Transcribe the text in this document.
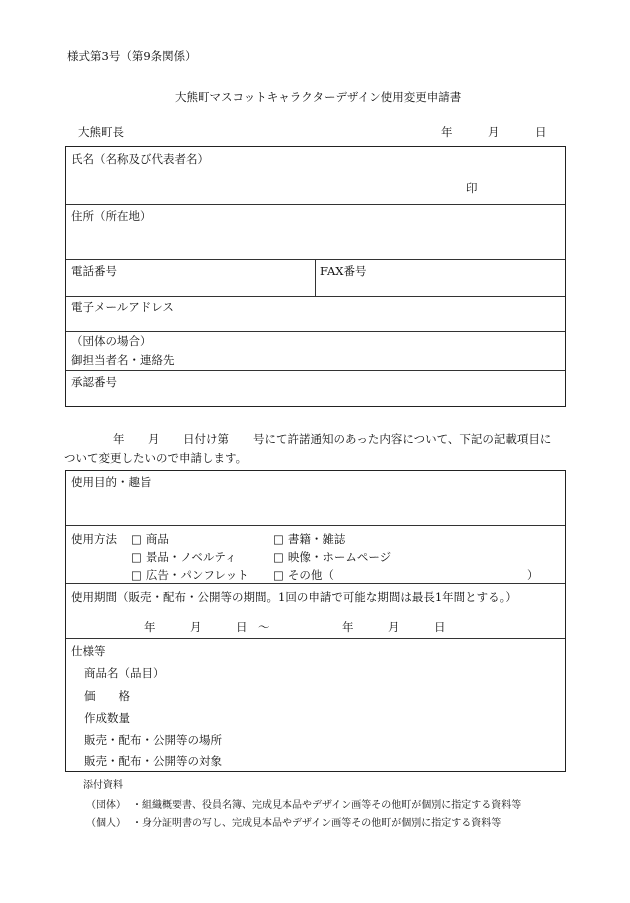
様式第3号（第9条関係）
大熊町マスコットキャラクターデザイン使用変更申請書
大熊町長	年	月	日
氏名（名称及び代表者名）
印
住所（所在地）
電話番号	FAX番号
電子メールアドレス
（団体の場合）
御担当者名・連絡先
承認番号
年 月 日付け第 号にて許諾通知のあった内容について、下記の記載項目に
ついて変更したいので申請します。
使用目的・趣旨
使用方法	□ 商品	□ 書籍・雑誌
□ 景品・ノベルティ	□ 映像・ホームページ
□ 広告・パンフレット	□ その他（	）
使用期間（販売・配布・公開等の期間。1回の申請で可能な期間は最長1年間とする。）
年	月	日 〜	年	月	日
仕様等
商品名（品目）
価　　格
作成数量
販売・配布・公開等の場所
販売・配布・公開等の対象
添付資料
（団体） ・組織概要書、役員名簿、完成見本品やデザイン画等その他町が個別に指定する資料等
（個人） ・身分証明書の写し、完成見本品やデザイン画等その他町が個別に指定する資料等
